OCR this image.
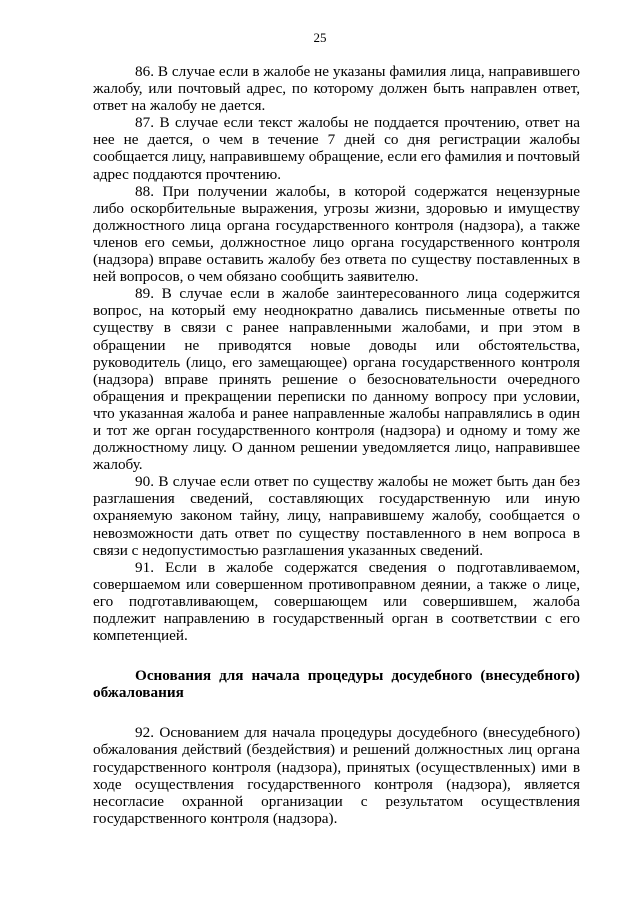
25

86. В случае если в жалобе не указаны фамилия лица, направившего жалобу, или почтовый адрес, по которому должен быть направлен ответ, ответ на жалобу не дается.

87. В случае если текст жалобы не поддается прочтению, ответ на нее не дается, о чем в течение 7 дней со дня регистрации жалобы сообщается лицу, направившему обращение, если его фамилия и почтовый адрес поддаются прочтению.

88. При получении жалобы, в которой содержатся нецензурные либо оскорбительные выражения, угрозы жизни, здоровью и имуществу должностного лица органа государственного контроля (надзора), а также членов его семьи, должностное лицо органа государственного контроля (надзора) вправе оставить жалобу без ответа по существу поставленных в ней вопросов, о чем обязано сообщить заявителю.

89. В случае если в жалобе заинтересованного лица содержится вопрос, на который ему неоднократно давались письменные ответы по существу в связи с ранее направленными жалобами, и при этом в обращении не приводятся новые доводы или обстоятельства, руководитель (лицо, его замещающее) органа государственного контроля (надзора) вправе принять решение о безосновательности очередного обращения и прекращении переписки по данному вопросу при условии, что указанная жалоба и ранее направленные жалобы направлялись в один и тот же орган государственного контроля (надзора) и одному и тому же должностному лицу. О данном решении уведомляется лицо, направившее жалобу.

90. В случае если ответ по существу жалобы не может быть дан без разглашения сведений, составляющих государственную или иную охраняемую законом тайну, лицу, направившему жалобу, сообщается о невозможности дать ответ по существу поставленного в нем вопроса в связи с недопустимостью разглашения указанных сведений.

91. Если в жалобе содержатся сведения о подготавливаемом, совершаемом или совершенном противоправном деянии, а также о лице, его подготавливающем, совершающем или совершившем, жалоба подлежит направлению в государственный орган в соответствии с его компетенцией.

Основания для начала процедуры досудебного (внесудебного) обжалования

92. Основанием для начала процедуры досудебного (внесудебного) обжалования действий (бездействия) и решений должностных лиц органа государственного контроля (надзора), принятых (осуществленных) ими в ходе осуществления государственного контроля (надзора), является несогласие охранной организации с результатом осуществления государственного контроля (надзора).
